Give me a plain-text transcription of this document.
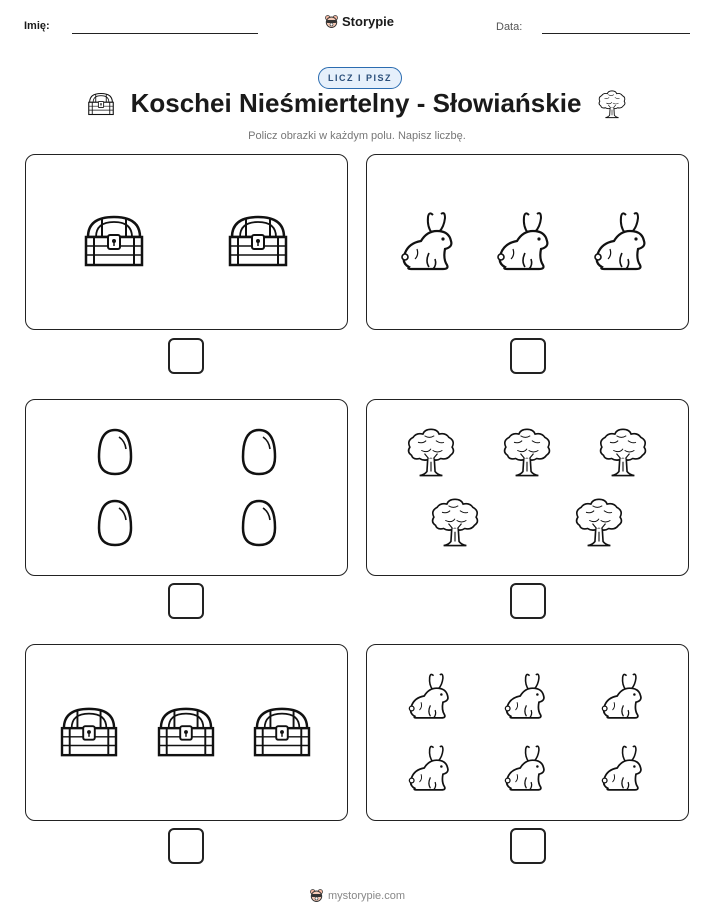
Imię:	Storypie	Data:
LICZ I PISZ
Koschei Nieśmiertelny - Słowiańskie
Policz obrazki w każdym polu. Napisz liczbę.
mystorypie.com
